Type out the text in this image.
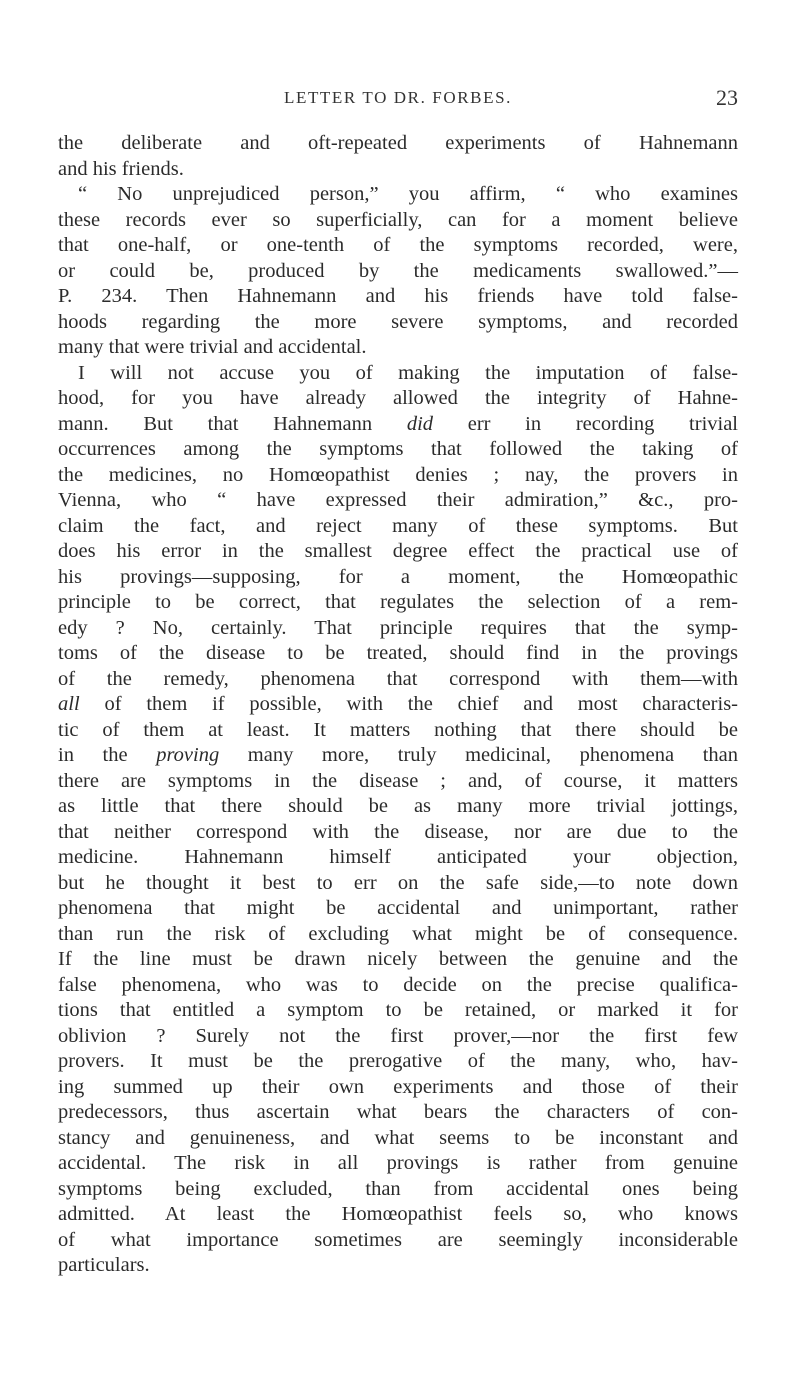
LETTER TO DR. FORBES.	23
the deliberate and oft-repeated experiments of Hahnemann
and his friends.
“ No unprejudiced person,” you affirm, “ who examines
these records ever so superficially, can for a moment believe
that one-half, or one-tenth of the symptoms recorded, were,
or could be, produced by the medicaments swallowed.”—
P. 234. Then Hahnemann and his friends have told false-
hoods regarding the more severe symptoms, and recorded
many that were trivial and accidental.
I will not accuse you of making the imputation of false-
hood, for you have already allowed the integrity of Hahne-
mann. But that Hahnemann did err in recording trivial
occurrences among the symptoms that followed the taking of
the medicines, no Homœopathist denies ; nay, the provers in
Vienna, who “ have expressed their admiration,” &c., pro-
claim the fact, and reject many of these symptoms. But
does his error in the smallest degree effect the practical use of
his provings—supposing, for a moment, the Homœopathic
principle to be correct, that regulates the selection of a rem-
edy ? No, certainly. That principle requires that the symp-
toms of the disease to be treated, should find in the provings
of the remedy, phenomena that correspond with them—with
all of them if possible, with the chief and most characteris-
tic of them at least. It matters nothing that there should be
in the proving many more, truly medicinal, phenomena than
there are symptoms in the disease ; and, of course, it matters
as little that there should be as many more trivial jottings,
that neither correspond with the disease, nor are due to the
medicine. Hahnemann himself anticipated your objection,
but he thought it best to err on the safe side,—to note down
phenomena that might be accidental and unimportant, rather
than run the risk of excluding what might be of consequence.
If the line must be drawn nicely between the genuine and the
false phenomena, who was to decide on the precise qualifica-
tions that entitled a symptom to be retained, or marked it for
oblivion ? Surely not the first prover,—nor the first few
provers. It must be the prerogative of the many, who, hav-
ing summed up their own experiments and those of their
predecessors, thus ascertain what bears the characters of con-
stancy and genuineness, and what seems to be inconstant and
accidental. The risk in all provings is rather from genuine
symptoms being excluded, than from accidental ones being
admitted. At least the Homœopathist feels so, who knows
of what importance sometimes are seemingly inconsiderable
particulars.
